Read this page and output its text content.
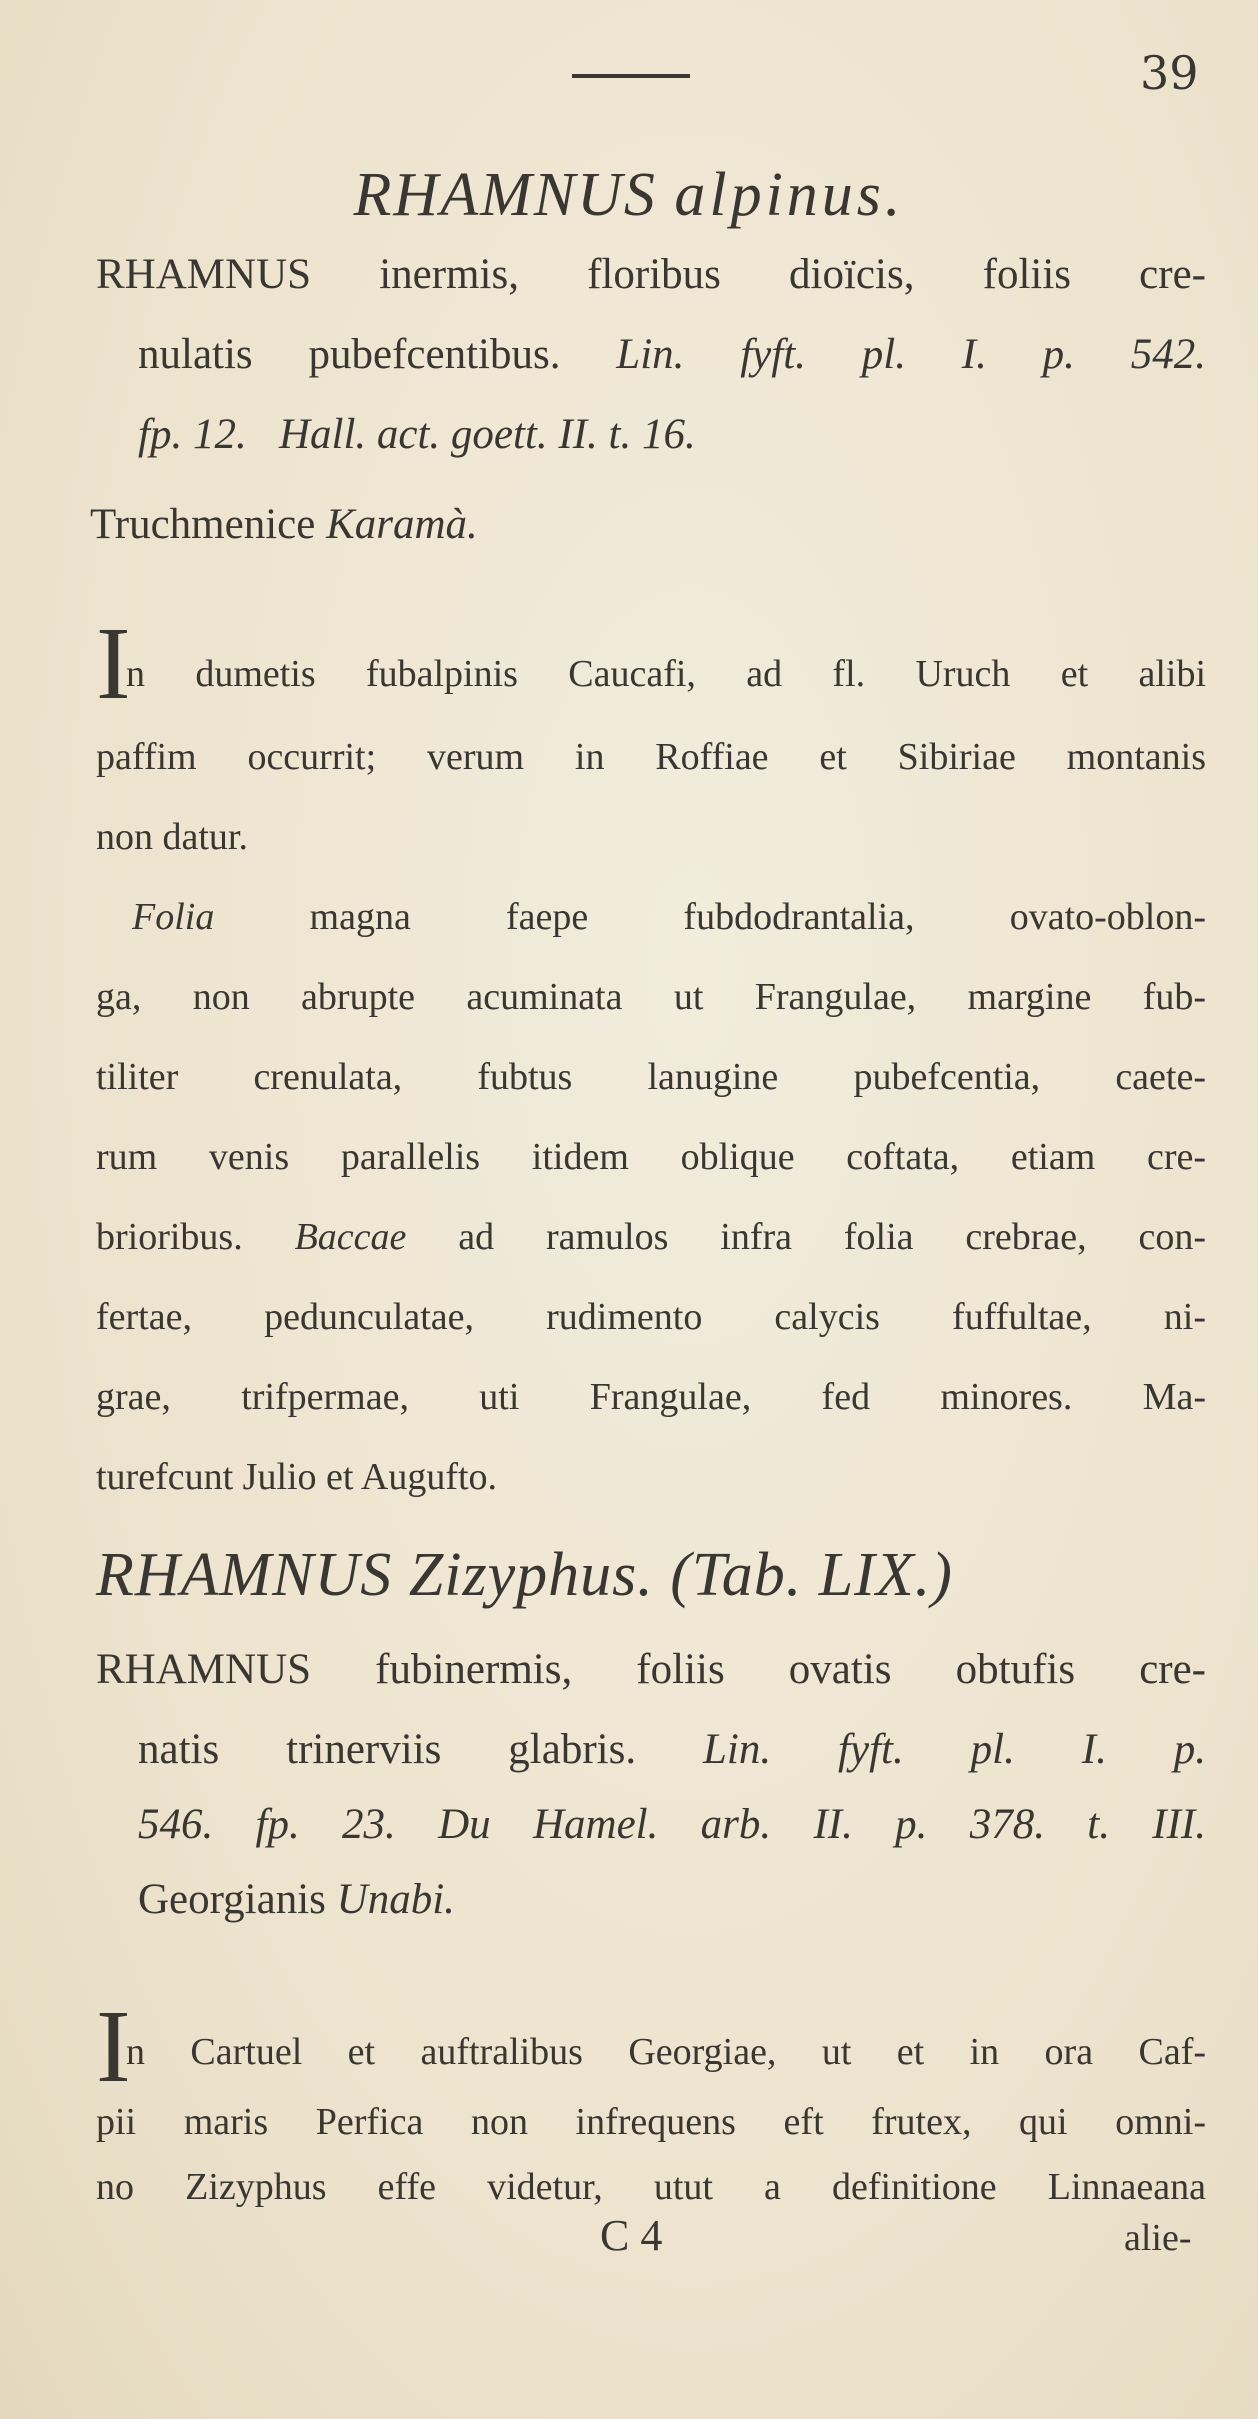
39
RHAMNUS alpinus.
RHAMNUS inermis, floribus dioïcis, foliis cre-
nulatis pubefcentibus. Lin. fyft. pl. I. p. 542.
fp. 12. Hall. act. goett. II. t. 16.
Truchmenice Karamà.
I
n dumetis fubalpinis Caucafi, ad fl. Uruch et alibi
paffim occurrit; verum in Roffiae et Sibiriae montanis
non datur.
Folia	magna faepe fubdodrantalia, ovato-oblon-
ga, non abrupte acuminata ut Frangulae, margine fub-
tiliter crenulata, fubtus lanugine pubefcentia, caete-
rum venis parallelis itidem oblique coftata, etiam cre-
brioribus. Baccae ad ramulos infra folia crebrae, con-
fertae, pedunculatae, rudimento calycis fuffultae, ni-
grae, trifpermae, uti Frangulae, fed minores. Ma-
turefcunt Julio et Augufto.
RHAMNUS Zizyphus. (Tab. LIX.)
RHAMNUS fubinermis, foliis ovatis obtufis cre-
natis trinerviis glabris. Lin. fyft. pl. I. p.
546. fp. 23. Du Hamel. arb. II. p. 378. t. III.
Georgianis Unabi.
I
n Cartuel et auftralibus Georgiae, ut et in ora Caf-
pii maris Perfica non infrequens eft frutex, qui omni-
no Zizyphus effe videtur, utut a definitione Linnaeana
C 4	alie-
